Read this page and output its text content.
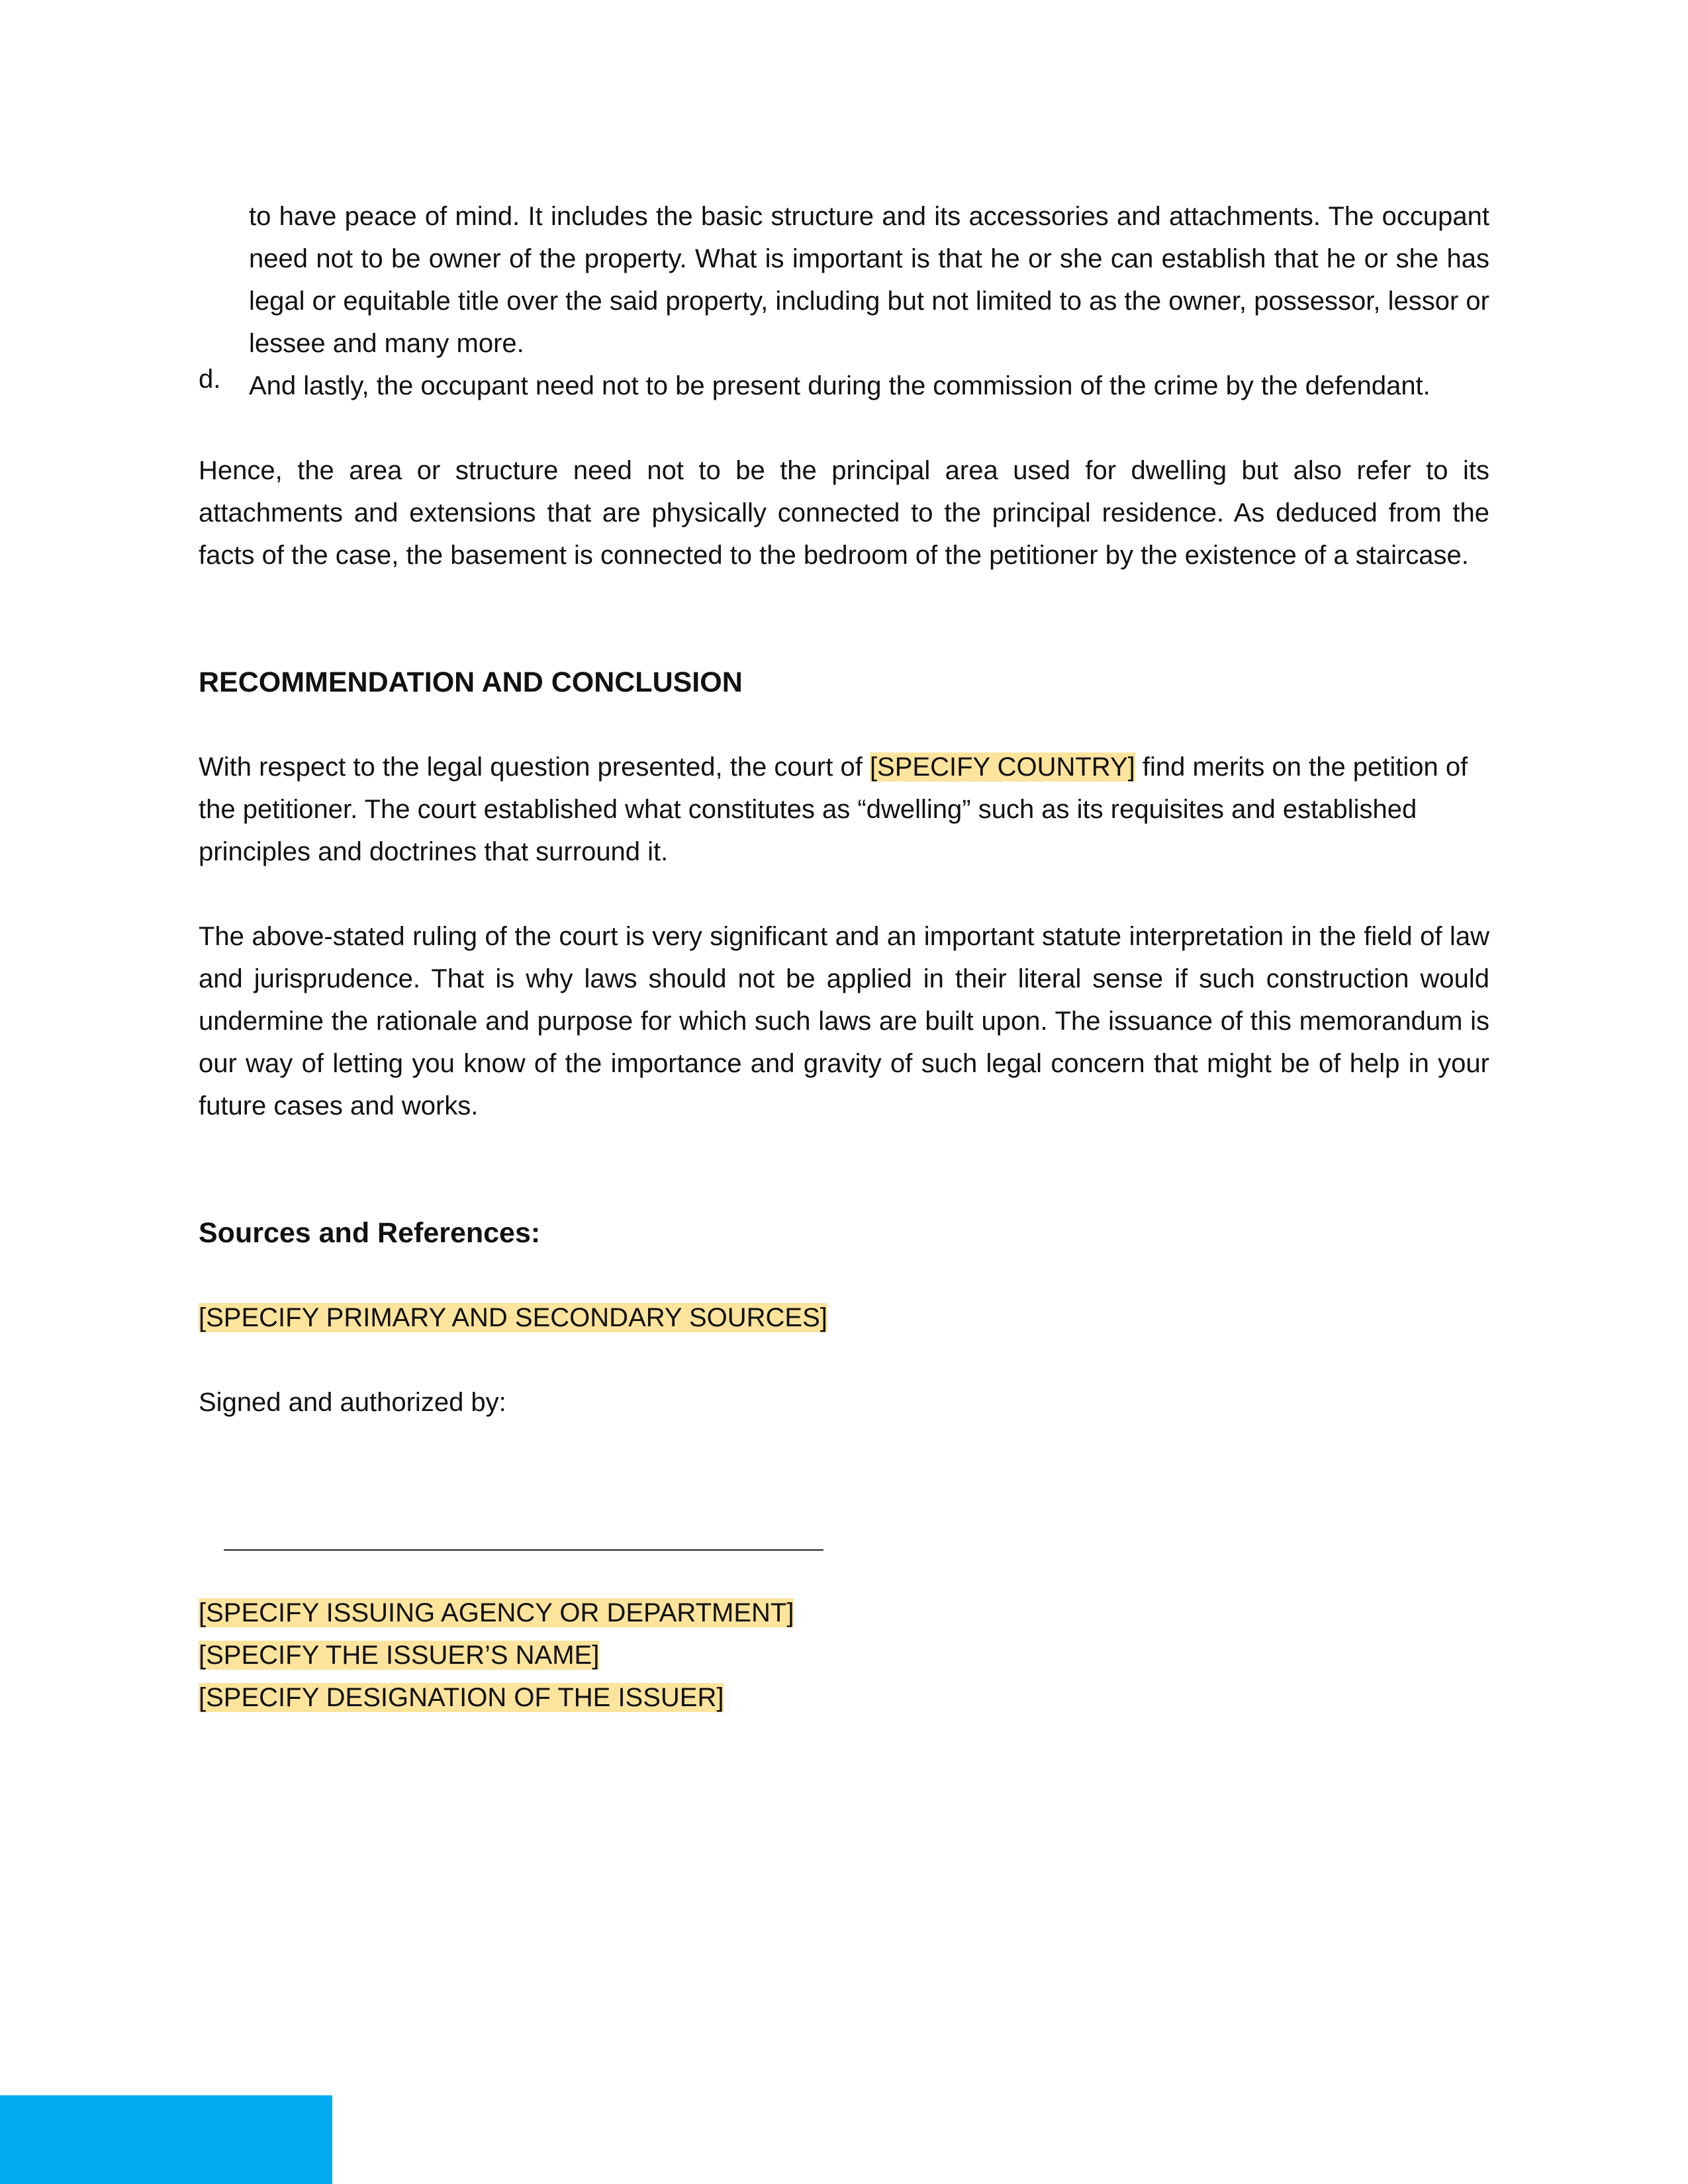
to have peace of mind. It includes the basic structure and its accessories and attachments. The occupant need not to be owner of the property. What is important is that he or she can establish that he or she has legal or equitable title over the said property, including but not limited to as the owner, possessor, lessor or lessee and many more.

d. And lastly, the occupant need not to be present during the commission of the crime by the defendant.

Hence, the area or structure need not to be the principal area used for dwelling but also refer to its attachments and extensions that are physically connected to the principal residence. As deduced from the facts of the case, the basement is connected to the bedroom of the petitioner by the existence of a staircase.

RECOMMENDATION AND CONCLUSION

With respect to the legal question presented, the court of [SPECIFY COUNTRY] find merits on the petition of the petitioner. The court established what constitutes as “dwelling” such as its requisites and established principles and doctrines that surround it.

The above-stated ruling of the court is very significant and an important statute interpretation in the field of law and jurisprudence. That is why laws should not be applied in their literal sense if such construction would undermine the rationale and purpose for which such laws are built upon. The issuance of this memorandum is our way of letting you know of the importance and gravity of such legal concern that might be of help in your future cases and works.

Sources and References:

[SPECIFY PRIMARY AND SECONDARY SOURCES]

Signed and authorized by:

[SPECIFY ISSUING AGENCY OR DEPARTMENT]

[SPECIFY THE ISSUER’S NAME]

[SPECIFY DESIGNATION OF THE ISSUER]
